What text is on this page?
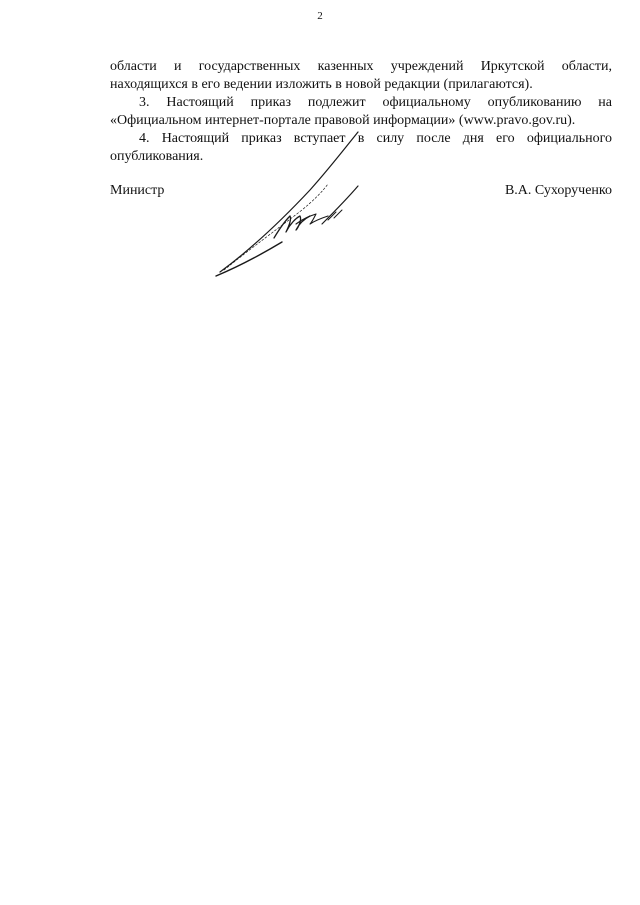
2

области и государственных казенных учреждений Иркутской области,

находящихся в его ведении изложить в новой редакции (прилагаются).

3. Настоящий приказ подлежит официальному опубликованию на

«Официальном интернет-портале правовой информации» (www.pravo.gov.ru).

4. Настоящий приказ вступает в силу после дня его официального

опубликования.

Министр	В.А. Сухорученко
